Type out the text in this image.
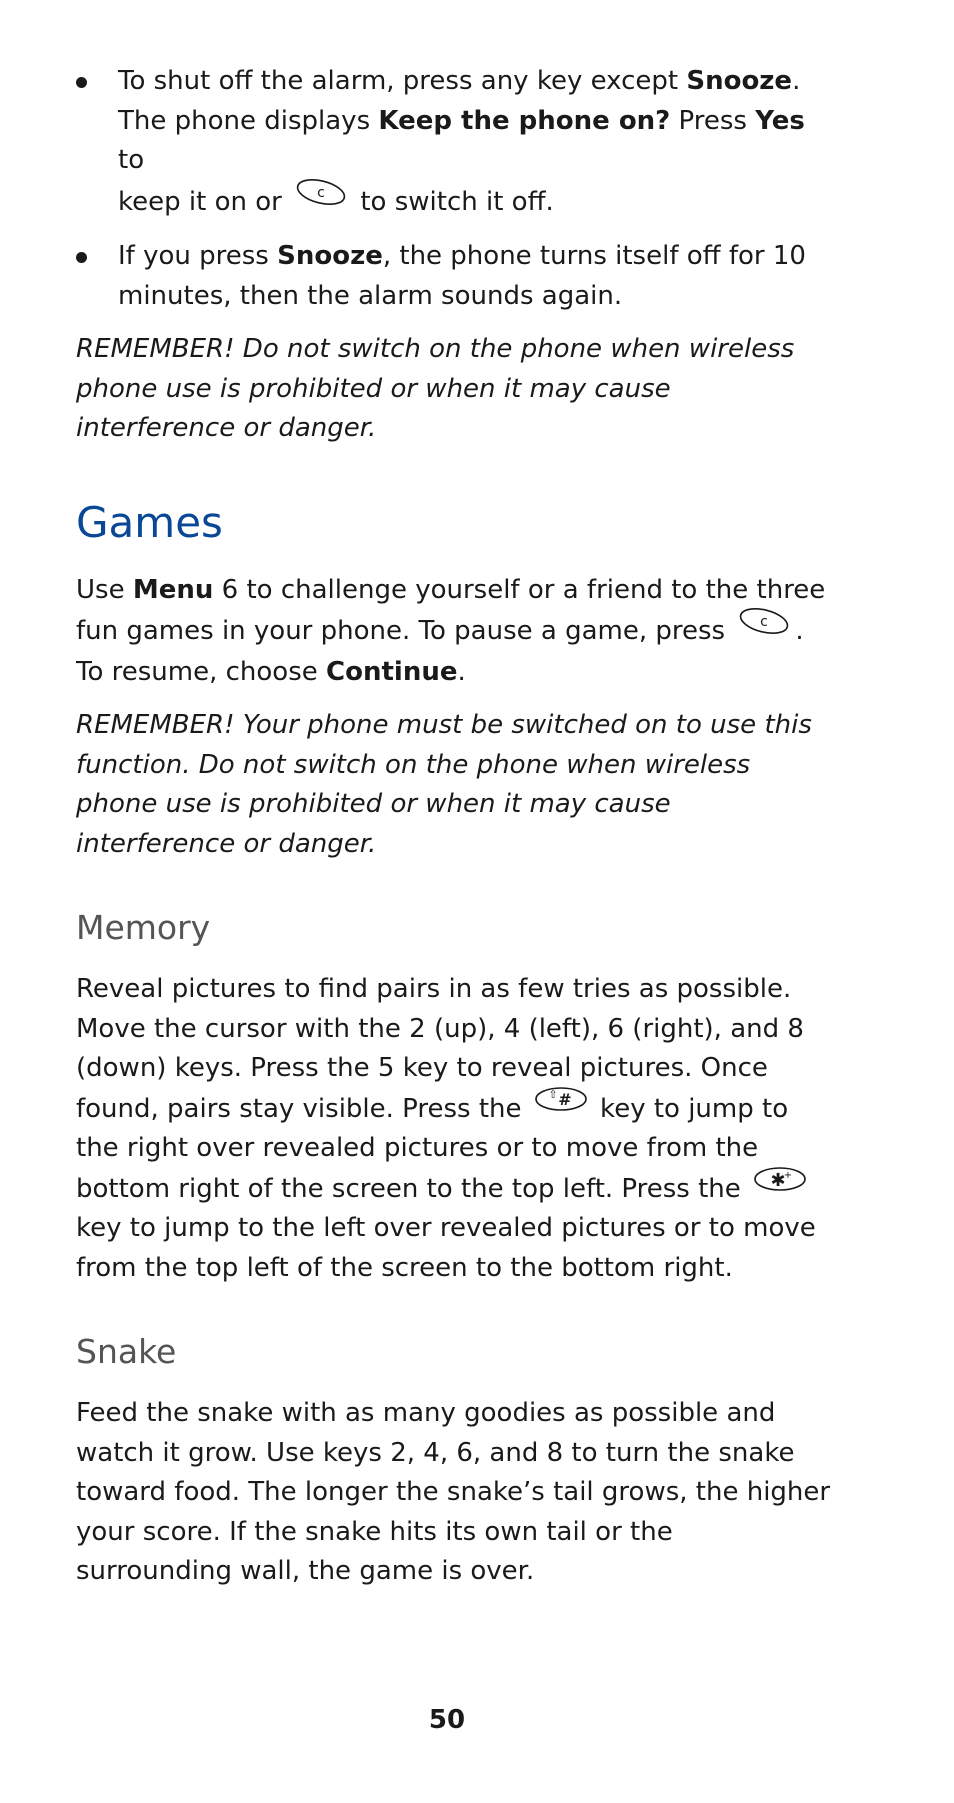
To shut off the alarm, press any key except Snooze.
The phone displays Keep the phone on? Press Yes to
keep it on or c to switch it off.
If you press Snooze, the phone turns itself off for 10
minutes, then the alarm sounds again.

REMEMBER! Do not switch on the phone when wireless phone use is prohibited or when it may cause interference or danger.

Games

Use Menu 6 to challenge yourself or a friend to the three fun games in your phone. To pause a game, press c .
To resume, choose Continue.

REMEMBER! Your phone must be switched on to use this function. Do not switch on the phone when wireless phone use is prohibited or when it may cause interference or danger.

Memory

Reveal pictures to find pairs in as few tries as possible. Move the cursor with the 2 (up), 4 (left), 6 (right), and 8 (down) keys. Press the 5 key to reveal pictures. Once found, pairs stay visible. Press the ⇧ # key to jump to the right over revealed pictures or to move from the bottom right of the screen to the top left. Press the ✱
+
key to jump to the left over revealed pictures or to move from the top left of the screen to the bottom right.

Snake

Feed the snake with as many goodies as possible and watch it grow. Use keys 2, 4, 6, and 8 to turn the snake toward food. The longer the snake’s tail grows, the higher your score. If the snake hits its own tail or the surrounding wall, the game is over.

50
